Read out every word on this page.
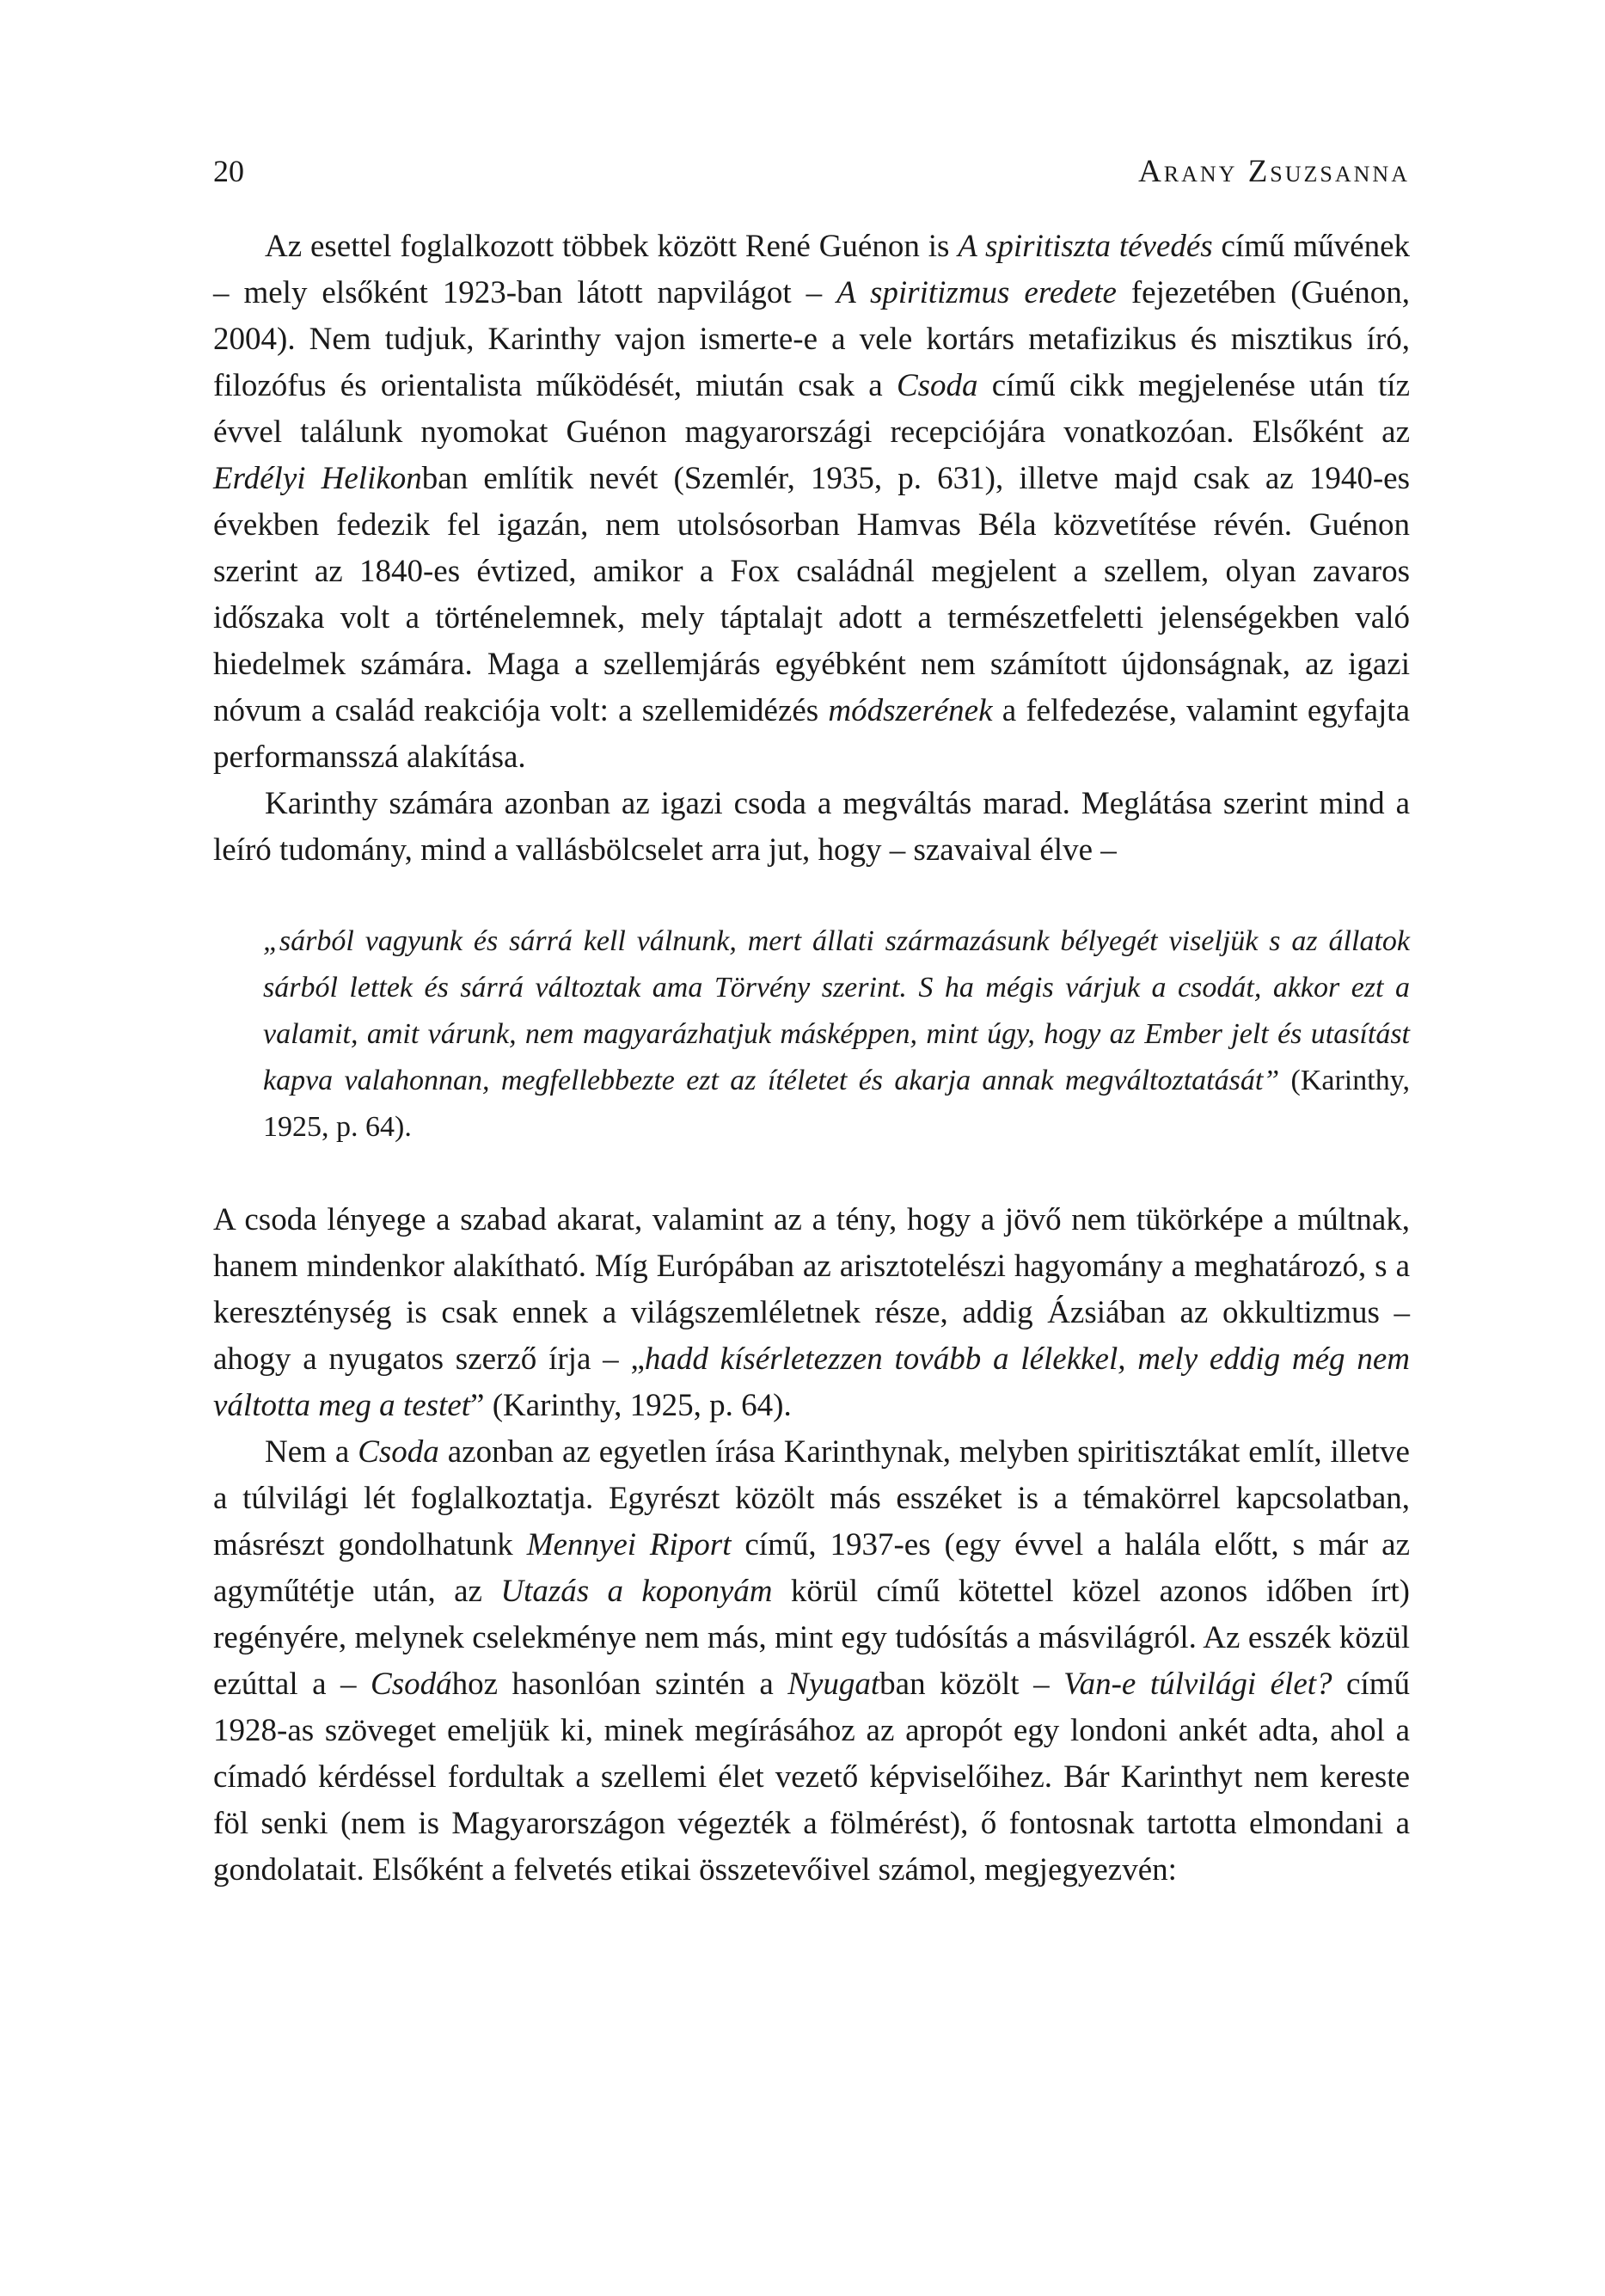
20	Arany Zsuzsanna

Az esettel foglalkozott többek között René Guénon is A spiritiszta tévedés című művének – mely elsőként 1923-ban látott napvilágot – A spiritizmus eredete fejezetében (Guénon, 2004). Nem tudjuk, Karinthy vajon ismerte-e a vele kortárs metafizikus és misztikus író, filozófus és orientalista működését, miután csak a Csoda című cikk megjelenése után tíz évvel találunk nyomokat Guénon magyarországi recepciójára vonatkozóan. Elsőként az Erdélyi Helikonban említik nevét (Szemlér, 1935, p. 631), illetve majd csak az 1940-es években fedezik fel igazán, nem utolsósorban Hamvas Béla közvetítése révén. Guénon szerint az 1840-es évtized, amikor a Fox családnál megjelent a szellem, olyan zavaros időszaka volt a történelemnek, mely táptalajt adott a természetfeletti jelenségekben való hiedelmek számára. Maga a szellemjárás egyébként nem számított újdonságnak, az igazi nóvum a család reakciója volt: a szellemidézés módszerének a felfedezése, valamint egyfajta performansszá alakítása.

Karinthy számára azonban az igazi csoda a megváltás marad. Meglátása szerint mind a leíró tudomány, mind a vallásbölcselet arra jut, hogy – szavaival élve –

„sárból vagyunk és sárrá kell válnunk, mert állati származásunk bélyegét viseljük s az állatok sárból lettek és sárrá változtak ama Törvény szerint. S ha mégis várjuk a csodát, akkor ezt a valamit, amit várunk, nem magyarázhatjuk másképpen, mint úgy, hogy az Ember jelt és utasítást kapva valahonnan, megfellebbezte ezt az ítéletet és akarja annak megváltoztatását” (Karinthy, 1925, p. 64).

A csoda lényege a szabad akarat, valamint az a tény, hogy a jövő nem tükörképe a múltnak, hanem mindenkor alakítható. Míg Európában az arisztotelészi hagyomány a meghatározó, s a kereszténység is csak ennek a világszemléletnek része, addig Ázsiában az okkultizmus – ahogy a nyugatos szerző írja – „hadd kísérletezzen tovább a lélekkel, mely eddig még nem váltotta meg a testet” (Karinthy, 1925, p. 64).

Nem a Csoda azonban az egyetlen írása Karinthynak, melyben spiritisztákat említ, illetve a túlvilági lét foglalkoztatja. Egyrészt közölt más esszéket is a témakörrel kapcsolatban, másrészt gondolhatunk Mennyei Riport című, 1937-es (egy évvel a halála előtt, s már az agyműtétje után, az Utazás a koponyám körül című kötettel közel azonos időben írt) regényére, melynek cselekménye nem más, mint egy tudósítás a másvilágról. Az esszék közül ezúttal a – Csodához hasonlóan szintén a Nyugatban közölt – Van-e túlvilági élet? című 1928-as szöveget emeljük ki, minek megírásához az apropót egy londoni ankét adta, ahol a címadó kérdéssel fordultak a szellemi élet vezető képviselőihez. Bár Karinthyt nem kereste föl senki (nem is Magyarországon végezték a fölmérést), ő fontosnak tartotta elmondani a gondolatait. Elsőként a felvetés etikai összetevőivel számol, megjegyezvén:
